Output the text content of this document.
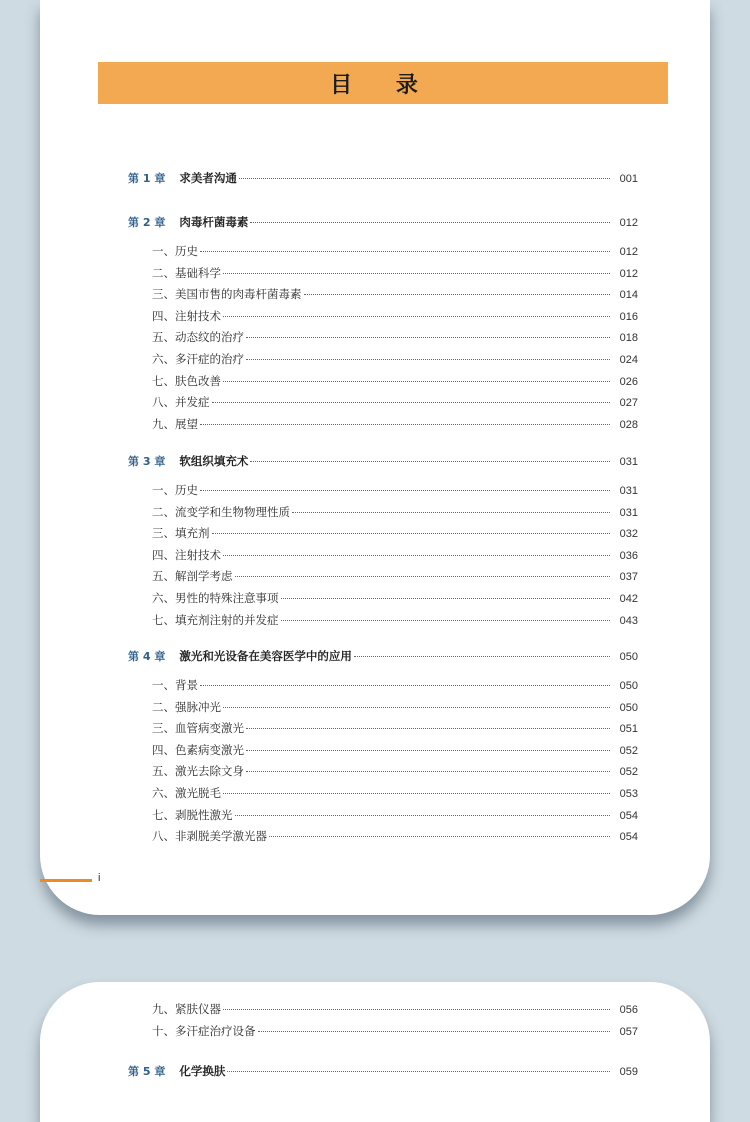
目 录
第 1 章 求美者沟通	001
第 2 章 肉毒杆菌毒素	012
一、历史	012
二、基础科学	012
三、美国市售的肉毒杆菌毒素	014
四、注射技术	016
五、动态纹的治疗	018
六、多汗症的治疗	024
七、肤色改善	026
八、并发症	027
九、展望	028
第 3 章 软组织填充术	031
一、历史	031
二、流变学和生物物理性质	031
三、填充剂	032
四、注射技术	036
五、解剖学考虑	037
六、男性的特殊注意事项	042
七、填充剂注射的并发症	043
第 4 章 激光和光设备在美容医学中的应用	050
一、背景	050
二、强脉冲光	050
三、血管病变激光	051
四、色素病变激光	052
五、激光去除文身	052
六、激光脱毛	053
七、剥脱性激光	054
八、非剥脱美学激光器	054
i
九、紧肤仪器	056
十、多汗症治疗设备	057
第 5 章 化学换肤	059
